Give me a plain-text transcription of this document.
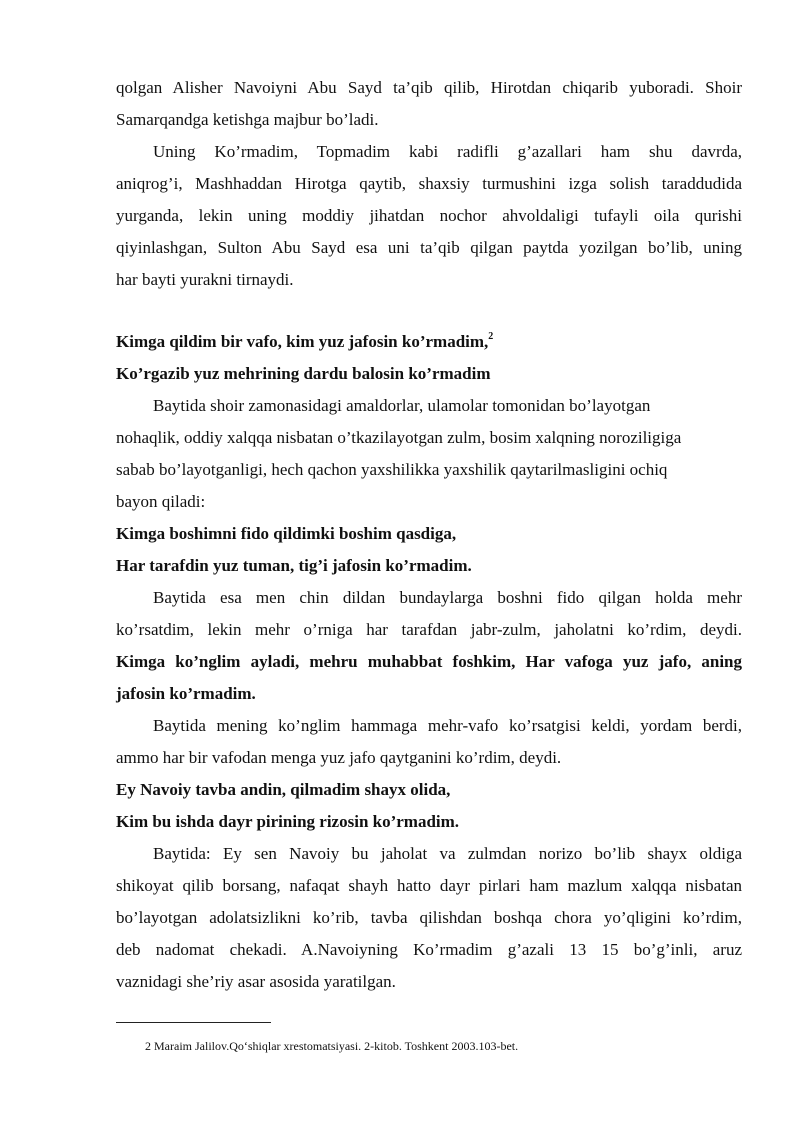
qolgan Alisher Navoiyni Abu Sayd ta’qib qilib, Hirotdan chiqarib yuboradi. Shoir

Samarqandga ketishga majbur bo’ladi.

Uning Ko’rmadim, Topmadim kabi radifli g’azallari ham shu davrda,

aniqrog’i, Mashhaddan Hirotga qaytib, shaxsiy turmushini izga solish taraddudida

yurganda, lekin uning moddiy jihatdan nochor ahvoldaligi tufayli oila qurishi

qiyinlashgan, Sulton Abu Sayd esa uni ta’qib qilgan paytda yozilgan bo’lib, uning

har bayti yurakni tirnaydi.

Kimga qildim bir vafo, kim yuz jafosin ko’rmadim,$^2$

Ko’rgazib yuz mehrining dardu balosin ko’rmadim

Baytida shoir zamonasidagi amaldorlar, ulamolar tomonidan bo’layotgan

nohaqlik, oddiy xalqqa nisbatan o’tkazilayotgan zulm, bosim xalqning noroziligiga

sabab bo’layotganligi, hech qachon yaxshilikka yaxshilik qaytarilmasligini ochiq

bayon qiladi:

Kimga boshimni fido qildimki boshim qasdiga,

Har tarafdin yuz tuman, tig’i jafosin ko’rmadim.

Baytida esa men chin dildan bundaylarga boshni fido qilgan holda mehr

ko’rsatdim, lekin mehr o’rniga har tarafdan jabr-zulm, jaholatni ko’rdim, deydi.

Kimga ko’nglim ayladi, mehru muhabbat foshkim, Har vafoga yuz jafo, aning

jafosin ko’rmadim.

Baytida mening ko’nglim hammaga mehr-vafo ko’rsatgisi keldi, yordam berdi,

ammo har bir vafodan menga yuz jafo qaytganini ko’rdim, deydi.

Ey Navoiy tavba andin, qilmadim shayx olida,

Kim bu ishda dayr pirining rizosin ko’rmadim.

Baytida: Ey sen Navoiy bu jaholat va zulmdan norizo bo’lib shayx oldiga

shikoyat qilib borsang, nafaqat shayh hatto dayr pirlari ham mazlum xalqqa nisbatan

bo’layotgan adolatsizlikni ko’rib, tavba qilishdan boshqa chora yo’qligini ko’rdim,

deb nadomat chekadi. A.Navoiyning Ko’rmadim g’azali 13 15 bo’g’inli, aruz

vaznidagi she’riy asar asosida yaratilgan.

2 Maraim Jalilov.Qo‘shiqlar xrestomatsiyasi. 2-kitob. Toshkent 2003.103-bet.
